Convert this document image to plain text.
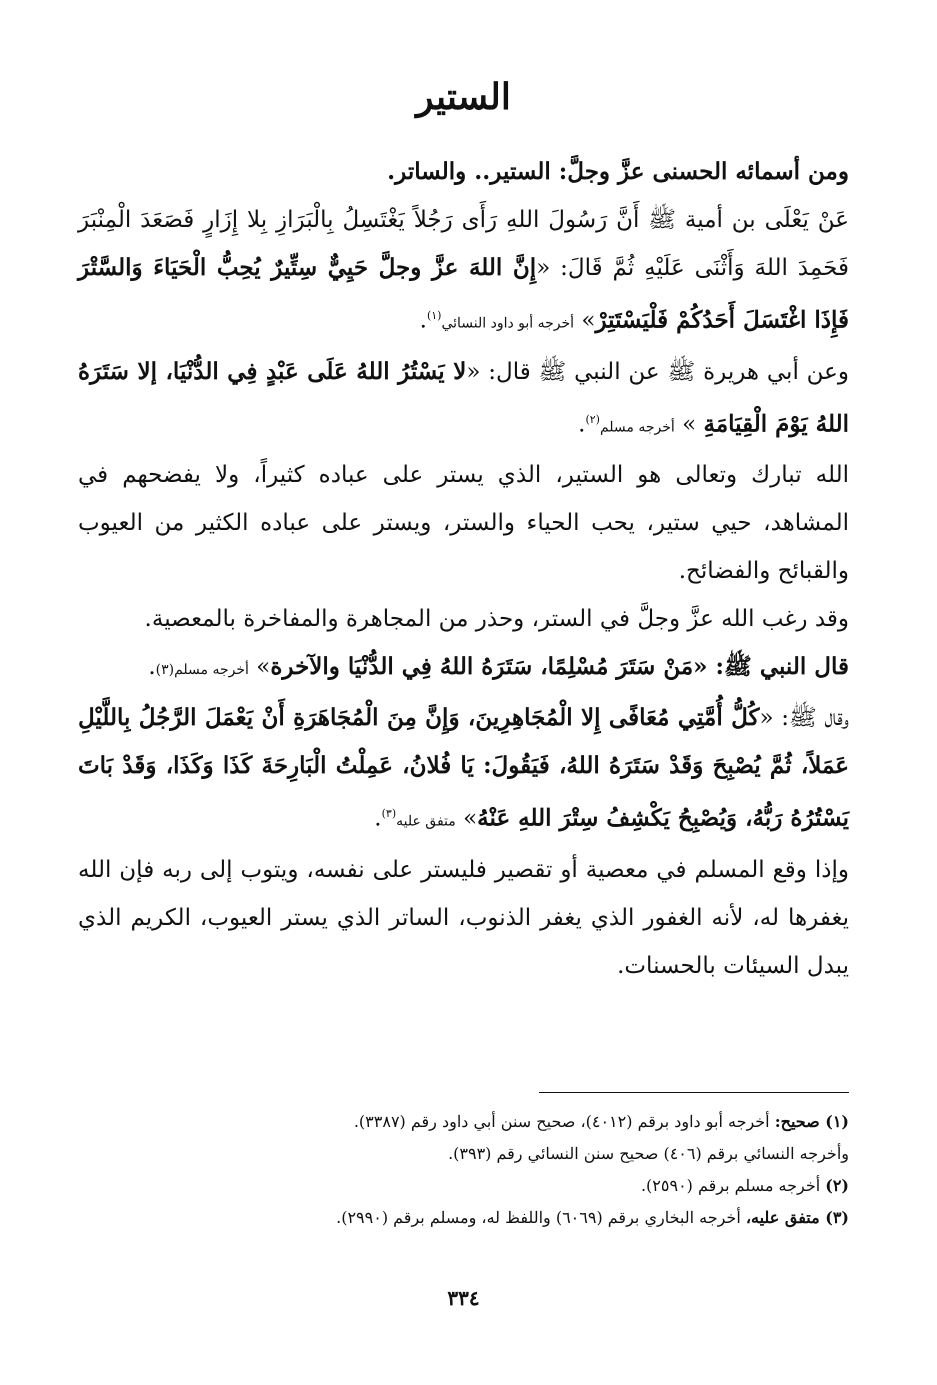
الستير

ومن أسمائه الحسنى عزَّ وجلَّ: الستير.. والساتر.

عَنْ يَعْلَى بن أمية ﷺ أَنَّ رَسُولَ اللهِ رَأَى رَجُلاً يَغْتَسِلُ بِالْبَرَازِ بِلا إِزَارٍ فَصَعَدَ الْمِنْبَرَ فَحَمِدَ اللهَ وَأَثْنَى عَلَيْهِ ثُمَّ قَالَ: «إِنَّ اللهَ عزَّ وجلَّ حَيِيٌّ سِتِّيرٌ يُحِبُّ الْحَيَاءَ وَالسَّتْرَ فَإِذَا اغْتَسَلَ أَحَدُكُمْ فَلْيَسْتَتِرْ» أخرجه أبو داود النسائي$^{(١)}$.

وعن أبي هريرة ﷺ عن النبي ﷺ قال: «لا يَسْتُرُ اللهُ عَلَى عَبْدٍ فِي الدُّنْيَا، إلا سَتَرَهُ اللهُ يَوْمَ الْقِيَامَةِ » أخرجه مسلم$^{(٢)}$.

الله تبارك وتعالى هو الستير، الذي يستر على عباده كثيراً، ولا يفضحهم في المشاهد، حيي ستير، يحب الحياء والستر، ويستر على عباده الكثير من العيوب والقبائح والفضائح.

وقد رغب الله عزَّ وجلَّ في الستر، وحذر من المجاهرة والمفاخرة بالمعصية.

قال النبي ﷺ: «مَنْ سَتَرَ مُسْلِمًا، سَتَرَهُ اللهُ فِي الدُّنْيَا والآخرة» أخرجه مسلم(٣).

وقال ﷺ: «كُلُّ أُمَّتِي مُعَافًى إِلا الْمُجَاهِرِينَ، وَإِنَّ مِنَ الْمُجَاهَرَةِ أَنْ يَعْمَلَ الرَّجُلُ بِاللَّيْلِ عَمَلاً، ثُمَّ يُصْبِحَ وَقَدْ سَتَرَهُ اللهُ، فَيَقُولَ: يَا فُلانُ، عَمِلْتُ الْبَارِحَةَ كَذَا وَكَذَا، وَقَدْ بَاتَ يَسْتُرُهُ رَبُّهُ، وَيُصْبِحُ يَكْشِفُ سِتْرَ اللهِ عَنْهُ» متفق عليه$^{(٣)}$.

وإذا وقع المسلم في معصية أو تقصير فليستر على نفسه، ويتوب إلى ربه فإن الله يغفرها له، لأنه الغفور الذي يغفر الذنوب، الساتر الذي يستر العيوب، الكريم الذي يبدل السيئات بالحسنات.

(١) صحيح: أخرجه أبو داود برقم (٤٠١٢)، صحيح سنن أبي داود رقم (٣٣٨٧).

وأخرجه النسائي برقم (٤٠٦) صحيح سنن النسائي رقم (٣٩٣).

(٢) أخرجه مسلم برقم (٢٥٩٠).

(٣) متفق عليه، أخرجه البخاري برقم (٦٠٦٩) واللفظ له، ومسلم برقم (٢٩٩٠).

٣٣٤
